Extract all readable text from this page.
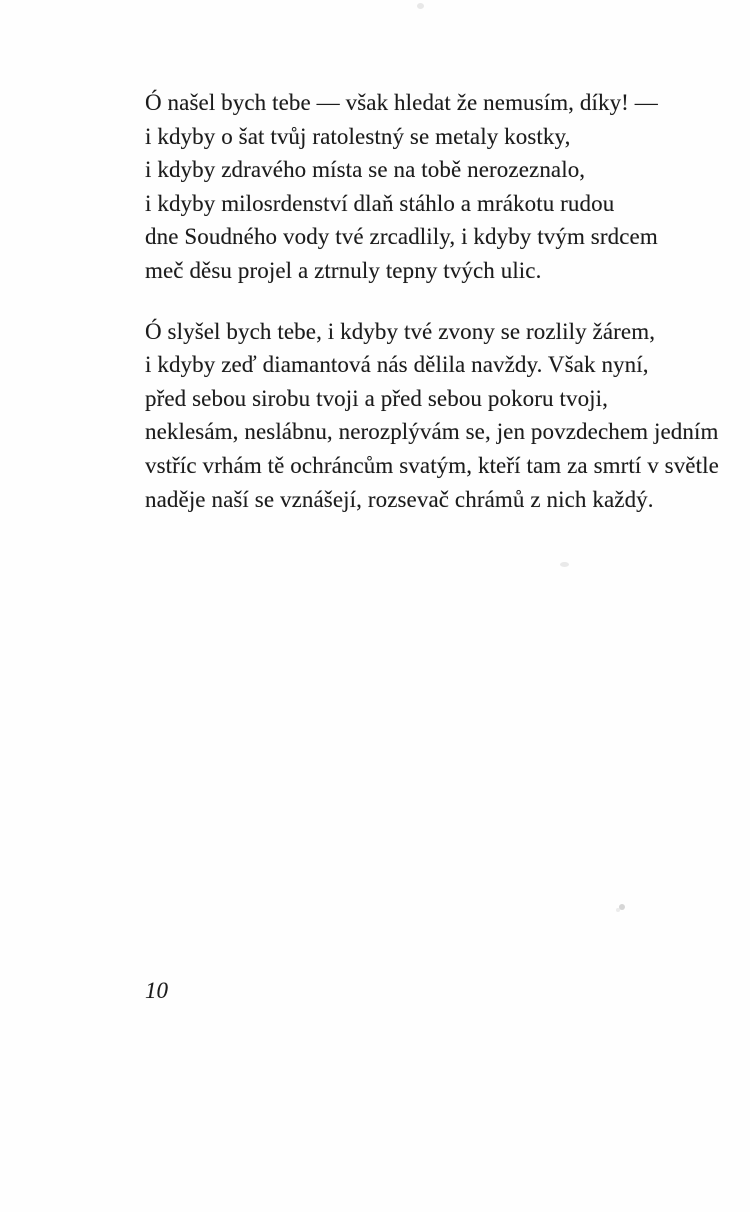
Ó našel bych tebe — však hledat že nemusím, díky! —
i kdyby o šat tvůj ratolestný se metaly kostky,
i kdyby zdravého místa se na tobě nerozeznalo,
i kdyby milosrdenství dlaň stáhlo a mrákotu rudou
dne Soudného vody tvé zrcadlily, i kdyby tvým srdcem
meč děsu projel a ztrnuly tepny tvých ulic.
Ó slyšel bych tebe, i kdyby tvé zvony se rozlily žárem,
i kdyby zeď diamantová nás dělila navždy. Však nyní,
před sebou sirobu tvoji a před sebou pokoru tvoji,
neklesám, neslábnu, nerozplývám se, jen povzdechem jedním
vstříc vrhám tě ochráncům svatým, kteří tam za smrtí v světle
naděje naší se vznášejí, rozsevač chrámů z nich každý.
10
